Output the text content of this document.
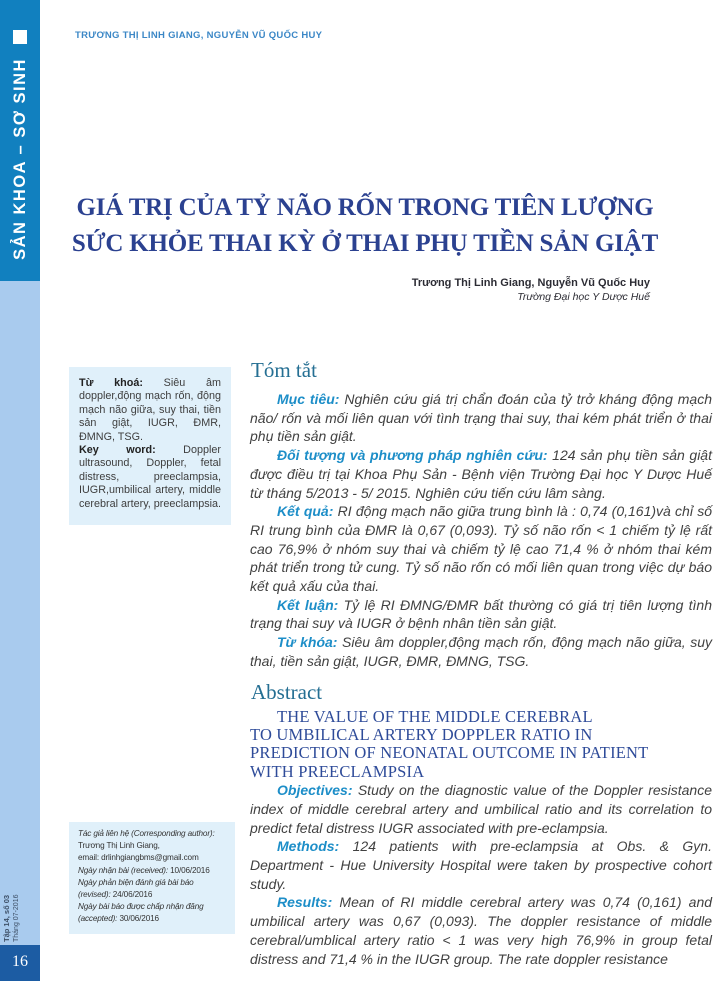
SẢN KHOA – SƠ SINH
Tập 14, số 03 Tháng 07-2016
16
TRƯƠNG THỊ LINH GIANG, NGUYỄN VŨ QUỐC HUY
GIÁ TRỊ CỦA TỶ NÃO RỐN TRONG TIÊN LƯỢNG
SỨC KHỎE THAI KỲ Ở THAI PHỤ TIỀN SẢN GIẬT
Trương Thị Linh Giang, Nguyễn Vũ Quốc Huy
Trường Đại học Y Dược Huế
Từ khoá: Siêu âm doppler,động mạch rốn, động mạch não giữa, suy thai, tiền sản giật, IUGR, ĐMR, ĐMNG, TSG.
Key word: Doppler ultrasound, Doppler, fetal distress, preeclampsia, IUGR,umbilical artery, middle cerebral artery, preeclampsia.
Tác giả liên hệ (Corresponding author):
Trương Thị Linh Giang,
email: drlinhgiangbms@gmail.com
Ngày nhận bài (received): 10/06/2016
Ngày phản biện đánh giá bài báo (revised): 24/06/2016
Ngày bài báo được chấp nhận đăng (accepted): 30/06/2016
Tóm tắt

Mục tiêu: Nghiên cứu giá trị chẩn đoán của tỷ trở kháng động mạch não/ rốn và mối liên quan với tình trạng thai suy, thai kém phát triển ở thai phụ tiền sản giật.

Đối tượng và phương pháp nghiên cứu: 124 sản phụ tiền sản giật được điều trị tại Khoa Phụ Sản - Bệnh viện Trường Đại học Y Dược Huế từ tháng 5/2013 - 5/ 2015. Nghiên cứu tiến cứu lâm sàng.

Kết quả: RI động mạch não giữa trung bình là : 0,74 (0,161)và chỉ số RI trung bình của ĐMR là 0,67 (0,093). Tỷ số não rốn < 1 chiếm tỷ lệ rất cao 76,9% ở nhóm suy thai và chiếm tỷ lệ cao 71,4 % ở nhóm thai kém phát triển trong tử cung. Tỷ số não rốn có mối liên quan trong việc dự báo kết quả xấu của thai.

Kết luận: Tỷ lệ RI ĐMNG/ĐMR bất thường có giá trị tiên lượng tình trạng thai suy và IUGR ở bệnh nhân tiền sản giật.

Từ khóa: Siêu âm doppler,động mạch rốn, động mạch não giữa, suy thai, tiền sản giật, IUGR, ĐMR, ĐMNG, TSG.

Abstract
THE VALUE OF THE MIDDLE CEREBRAL
TO UMBILICAL ARTERY DOPPLER RATIO IN
PREDICTION OF NEONATAL OUTCOME IN PATIENT
WITH PREECLAMPSIA

Objectives: Study on the diagnostic value of the Doppler resistance index of middle cerebral artery and umbilical ratio and its correlation to predict fetal distress IUGR associated with pre-eclampsia.

Methods: 124 patients with pre-eclampsia at Obs. & Gyn. Department - Hue University Hospital were taken by prospective cohort study.

Results: Mean of RI middle cerebral artery was 0,74 (0,161) and umbilical artery was 0,67 (0,093). The doppler resistance of middle cerebral/umblical artery ratio < 1 was very high 76,9% in group fetal distress and 71,4 % in the IUGR group. The rate doppler resistance
